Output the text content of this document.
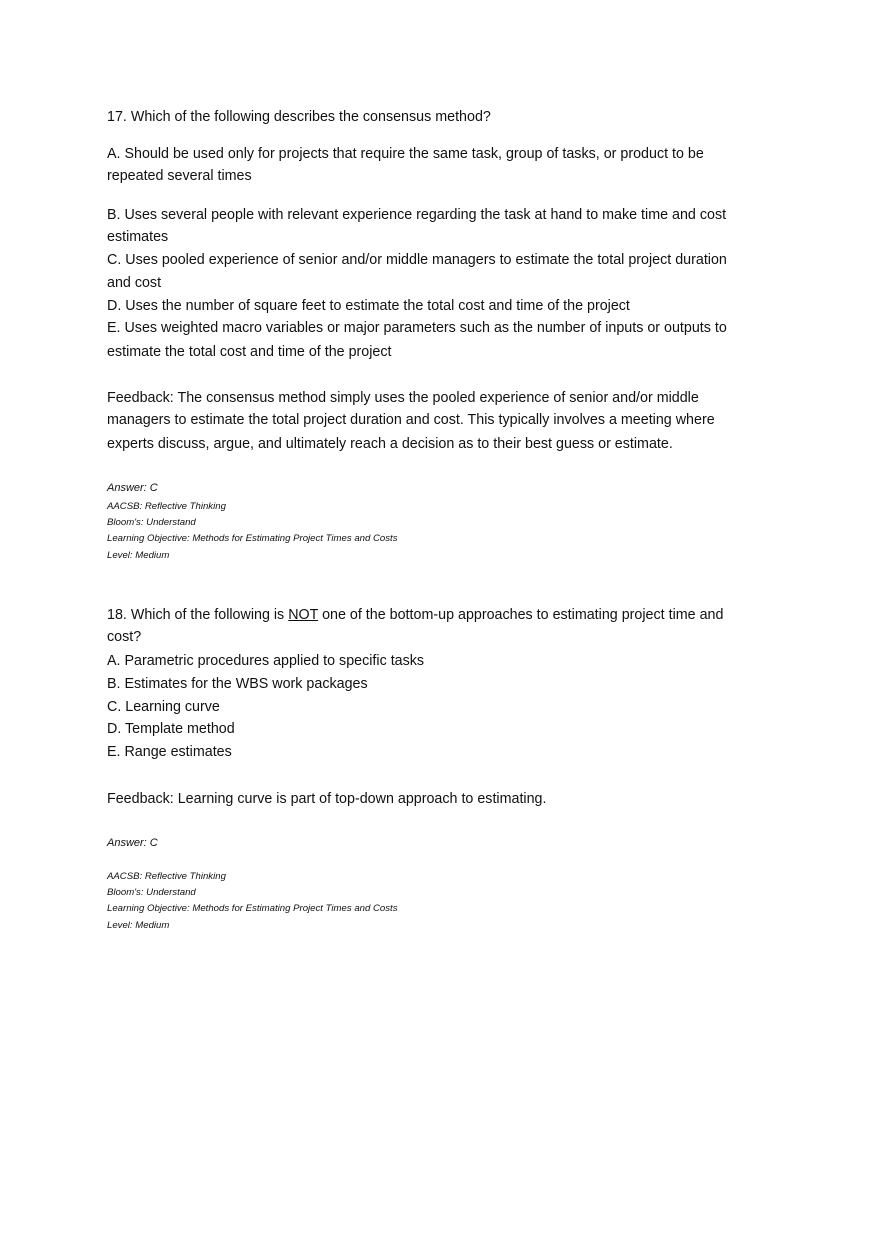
17. Which of the following describes the consensus method?
A. Should be used only for projects that require the same task, group of tasks, or product to be
repeated several times
B. Uses several people with relevant experience regarding the task at hand to make time and cost
estimates
C. Uses pooled experience of senior and/or middle managers to estimate the total project duration
and cost
D. Uses the number of square feet to estimate the total cost and time of the project
E. Uses weighted macro variables or major parameters such as the number of inputs or outputs to
estimate the total cost and time of the project
Feedback: The consensus method simply uses the pooled experience of senior and/or middle
managers to estimate the total project duration and cost. This typically involves a meeting where
experts discuss, argue, and ultimately reach a decision as to their best guess or estimate.
Answer: C
AACSB: Reflective Thinking
Bloom's: Understand
Learning Objective: Methods for Estimating Project Times and Costs
Level: Medium
18. Which of the following is NOT one of the bottom-up approaches to estimating project time and
cost?
A. Parametric procedures applied to specific tasks
B. Estimates for the WBS work packages
C. Learning curve
D. Template method
E. Range estimates
Feedback: Learning curve is part of top-down approach to estimating.
Answer: C
AACSB: Reflective Thinking
Bloom's: Understand
Learning Objective: Methods for Estimating Project Times and Costs
Level: Medium
